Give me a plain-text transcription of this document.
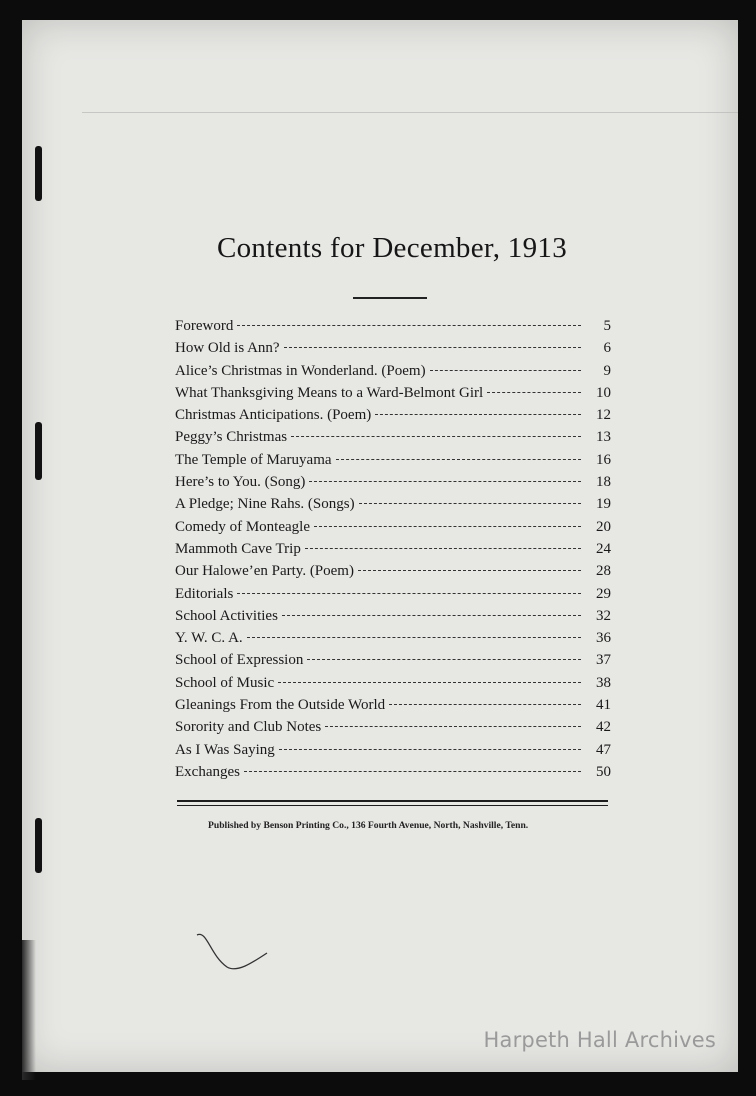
Contents for December, 1913
Foreword	5
How Old is Ann?	6
Alice’s Christmas in Wonderland. (Poem)	9
What Thanksgiving Means to a Ward-Belmont Girl	10
Christmas Anticipations. (Poem)	12
Peggy’s Christmas	13
The Temple of Maruyama	16
Here’s to You. (Song)	18
A Pledge; Nine Rahs. (Songs)	19
Comedy of Monteagle	20
Mammoth Cave Trip	24
Our Halowe’en Party. (Poem)	28
Editorials	29
School Activities	32
Y. W. C. A.	36
School of Expression	37
School of Music	38
Gleanings From the Outside World	41
Sorority and Club Notes	42
As I Was Saying	47
Exchanges	50
Published by Benson Printing Co., 136 Fourth Avenue, North, Nashville, Tenn.
Harpeth Hall Archives
